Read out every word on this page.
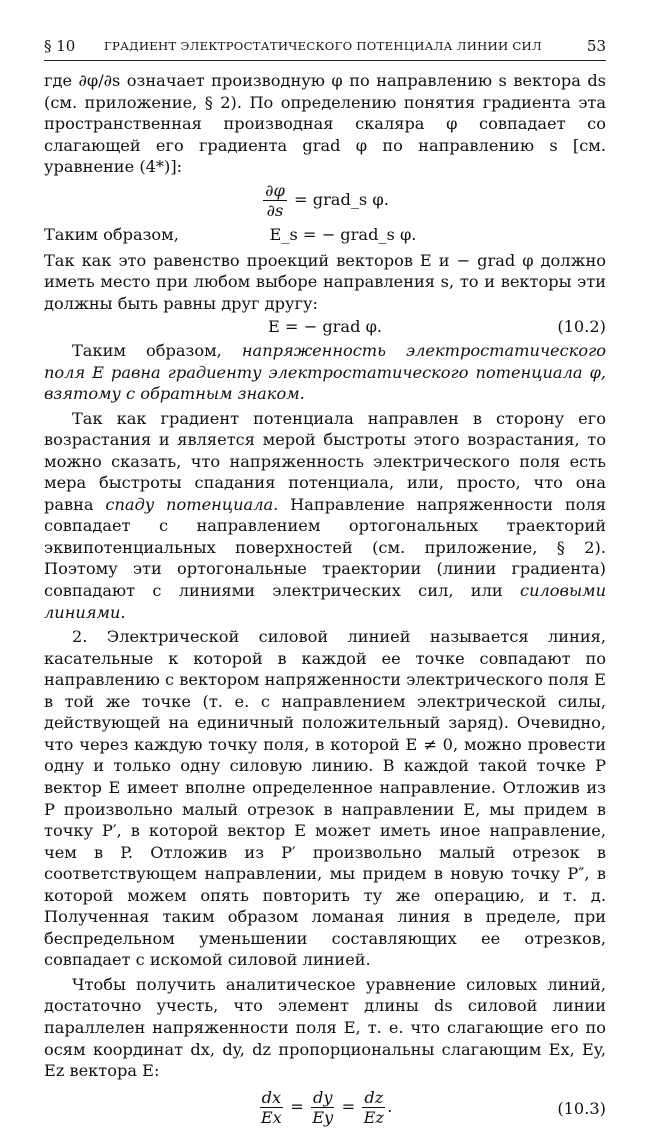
§ 10 ГРАДИЕНТ ЭЛЕКТРОСТАТИЧЕСКОГО ПОТЕНЦИАЛА ЛИНИИ СИЛ	53

где ∂φ/∂s означает производную φ по направлению s вектора ds (см. приложение, § 2). По определению понятия градиента эта пространственная производная скаляра φ совпадает со слагающей его градиента grad φ по направлению s [см. уравнение (4*)]:

$\frac{\partial\varphi}{\partial s}$ = grad_s φ.

Таким образом,	E_s = − grad_s φ.

Так как это равенство проекций векторов E и − grad φ должно иметь место при любом выборе направления s, то и векторы эти должны быть равны друг другу:

E = − grad φ.	(10.2)

Таким образом, напряженность электростатического поля E равна градиенту электростатического потенциала φ, взятому с обратным знаком.

Так как градиент потенциала направлен в сторону его возрастания и является мерой быстроты этого возрастания, то можно сказать, что напряженность электрического поля есть мера быстроты спадания потенциала, или, просто, что она равна спаду потенциала. Направление напряженности поля совпадает с направлением ортогональных траекторий эквипотенциальных поверхностей (см. приложение, § 2). Поэтому эти ортогональные траектории (линии градиента) совпадают с линиями электрических сил, или силовыми линиями.

2. Электрической силовой линией называется линия, касательные к которой в каждой ее точке совпадают по направлению с вектором напряженности электрического поля E в той же точке (т. е. с направлением электрической силы, действующей на единичный положительный заряд). Очевидно, что через каждую точку поля, в которой E ≠ 0, можно провести одну и только одну силовую линию. В каждой такой точке P вектор E имеет вполне определенное направление. Отложив из P произвольно малый отрезок в направлении E, мы придем в точку P′, в которой вектор E может иметь иное направление, чем в P. Отложив из P′ произвольно малый отрезок в соответствующем направлении, мы придем в новую точку P″, в которой можем опять повторить ту же операцию, и т. д. Полученная таким образом ломаная линия в пределе, при беспредельном уменьшении составляющих ее отрезков, совпадает с искомой силовой линией.

Чтобы получить аналитическое уравнение силовых линий, достаточно учесть, что элемент длины ds силовой линии параллелен напряженности поля E, т. е. что слагающие его по осям координат dx, dy, dz пропорциональны слагающим Ex, Ey, Ez вектора E:

$\frac{dx}{Ex} = \frac{dy}{Ey} = \frac{dz}{Ez}$ .	(10.3)
